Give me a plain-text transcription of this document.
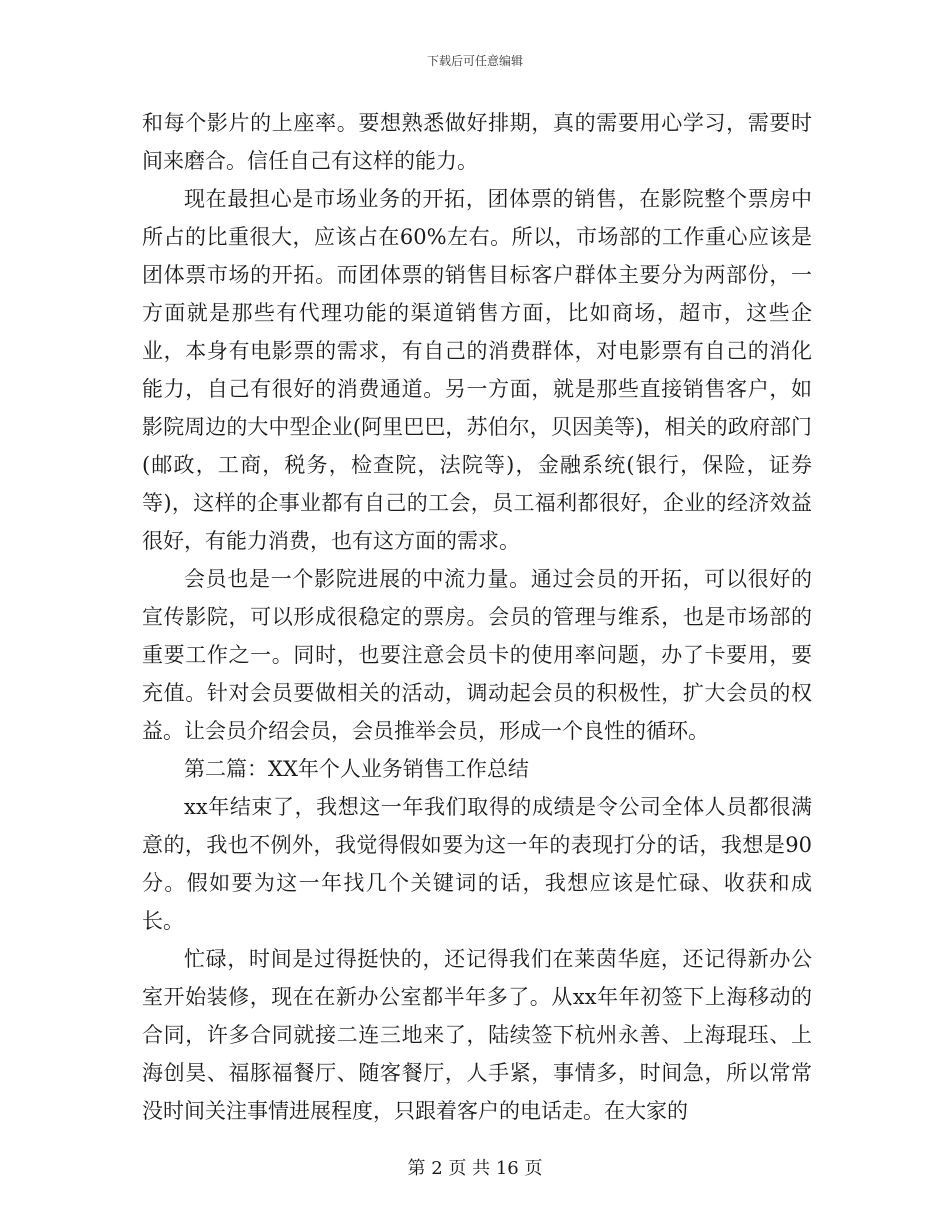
下载后可任意编辑

和每个影片的上座率。要想熟悉做好排期，真的需要用心学习，需要时间来磨合。信任自己有这样的能力。

现在最担心是市场业务的开拓，团体票的销售，在影院整个票房中所占的比重很大，应该占在60%左右。所以，市场部的工作重心应该是团体票市场的开拓。而团体票的销售目标客户群体主要分为两部份，一方面就是那些有代理功能的渠道销售方面，比如商场，超市，这些企业，本身有电影票的需求，有自己的消费群体，对电影票有自己的消化能力，自己有很好的消费通道。另一方面，就是那些直接销售客户，如影院周边的大中型企业(阿里巴巴，苏伯尔，贝因美等)，相关的政府部门(邮政，工商，税务，检查院，法院等)，金融系统(银行，保险，证券等)，这样的企事业都有自己的工会，员工福利都很好，企业的经济效益很好，有能力消费，也有这方面的需求。

会员也是一个影院进展的中流力量。通过会员的开拓，可以很好的宣传影院，可以形成很稳定的票房。会员的管理与维系，也是市场部的重要工作之一。同时，也要注意会员卡的使用率问题，办了卡要用，要充值。针对会员要做相关的活动，调动起会员的积极性，扩大会员的权益。让会员介绍会员，会员推举会员，形成一个良性的循环。

第二篇：XX年个人业务销售工作总结

xx年结束了，我想这一年我们取得的成绩是令公司全体人员都很满意的，我也不例外，我觉得假如要为这一年的表现打分的话，我想是90分。假如要为这一年找几个关键词的话，我想应该是忙碌、收获和成长。

忙碌，时间是过得挺快的，还记得我们在莱茵华庭，还记得新办公室开始装修，现在在新办公室都半年多了。从xx年年初签下上海移动的合同，许多合同就接二连三地来了，陆续签下杭州永善、上海琨珏、上海创昊、福豚福餐厅、随客餐厅，人手紧，事情多，时间急，所以常常没时间关注事情进展程度，只跟着客户的电话走。在大家的

第 2 页 共 16 页
